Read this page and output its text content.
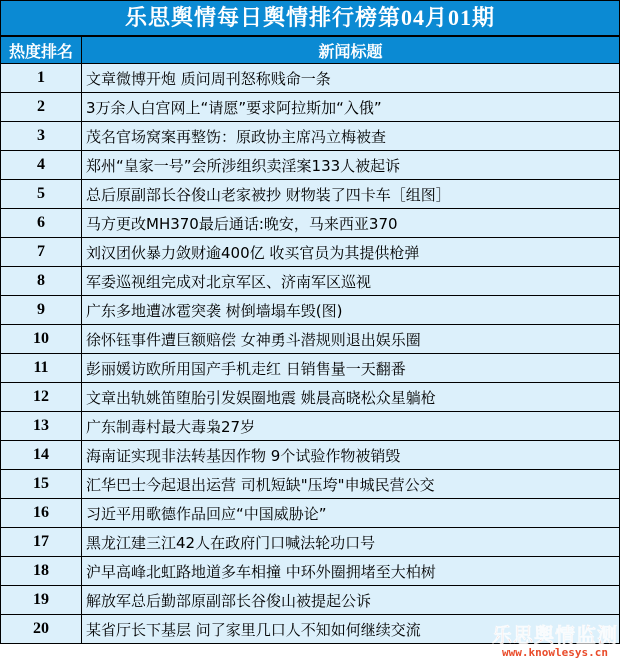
乐思舆情每日舆情排行榜第04月01期
热度排名	新闻标题
1	文章微博开炮 质问周刊怒称贱命一条
2	3万余人白宫网上“请愿”要求阿拉斯加“入俄”
3	茂名官场窝案再整饬：原政协主席冯立梅被查
4	郑州“皇家一号”会所涉组织卖淫案133人被起诉
5	总后原副部长谷俊山老家被抄 财物装了四卡车［组图］
6	马方更改MH370最后通话:晚安，马来西亚370
7	刘汉团伙暴力敛财逾400亿 收买官员为其提供枪弹
8	军委巡视组完成对北京军区、济南军区巡视
9	广东多地遭冰雹突袭 树倒墙塌车毁(图)
10	徐怀钰事件遭巨额赔偿 女神勇斗潜规则退出娱乐圈
11	彭丽媛访欧所用国产手机走红 日销售量一天翻番
12	文章出轨姚笛堕胎引发娱圈地震 姚晨高晓松众星躺枪
13	广东制毒村最大毒枭27岁
14	海南证实现非法转基因作物 9个试验作物被销毁
15	汇华巴士今起退出运营 司机短缺"压垮"申城民营公交
16	习近平用歌德作品回应“中国威胁论”
17	黑龙江建三江42人在政府门口喊法轮功口号
18	沪早高峰北虹路地道多车相撞 中环外圈拥堵至大柏树
19	解放军总后勤部原副部长谷俊山被提起公诉
20	某省厅长下基层 问了家里几口人不知如何继续交流	乐思舆情监测
www.knowlesys.cn
